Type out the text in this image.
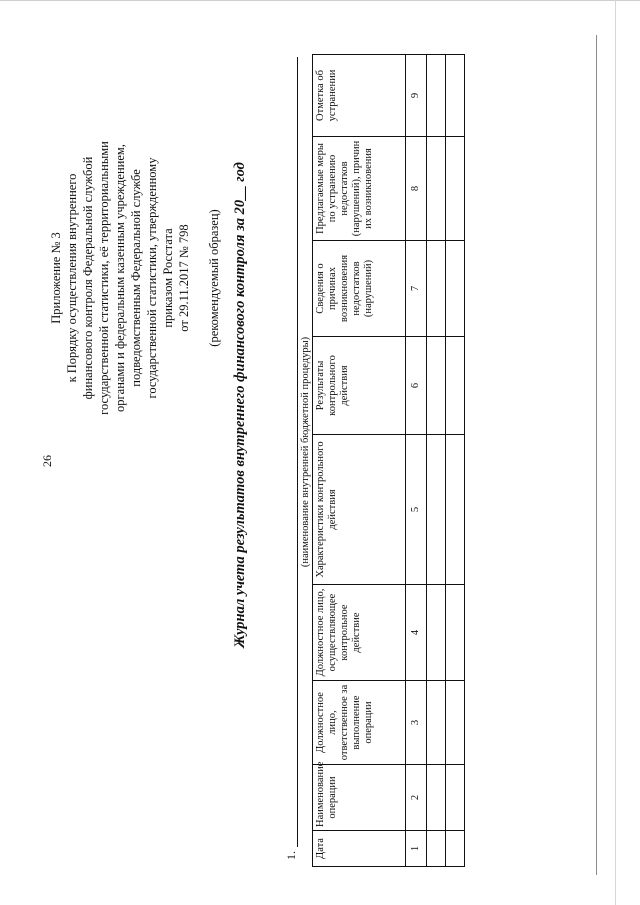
26
Приложение № 3 к Порядку осуществления внутреннего финансового контроля Федеральной службой государственной статистики, её территориальными органами и федеральным казенным учреждением, подведомственным Федеральной службе государственной статистики, утвержденному приказом Росстата от 29.11.2017 № 798 (рекомендуемый образец) Журнал учета результатов внутреннего финансового контроля за 20__ год
1.
(наименование внутренней бюджетной процедуры)
Дата	Наименование операции	Должностное лицо, ответственное за выполнение операции	Должностное лицо, осуществляющее контрольное действие	Характеристики контрольного действия	Результаты контрольного действия	Сведения о причинах возникновения недостатков (нарушений)	Предлагаемые меры по устранению недостатков (нарушений), причин их возникновения	Отметка об устранении
1	2	3	4	5	6	7	8	9
